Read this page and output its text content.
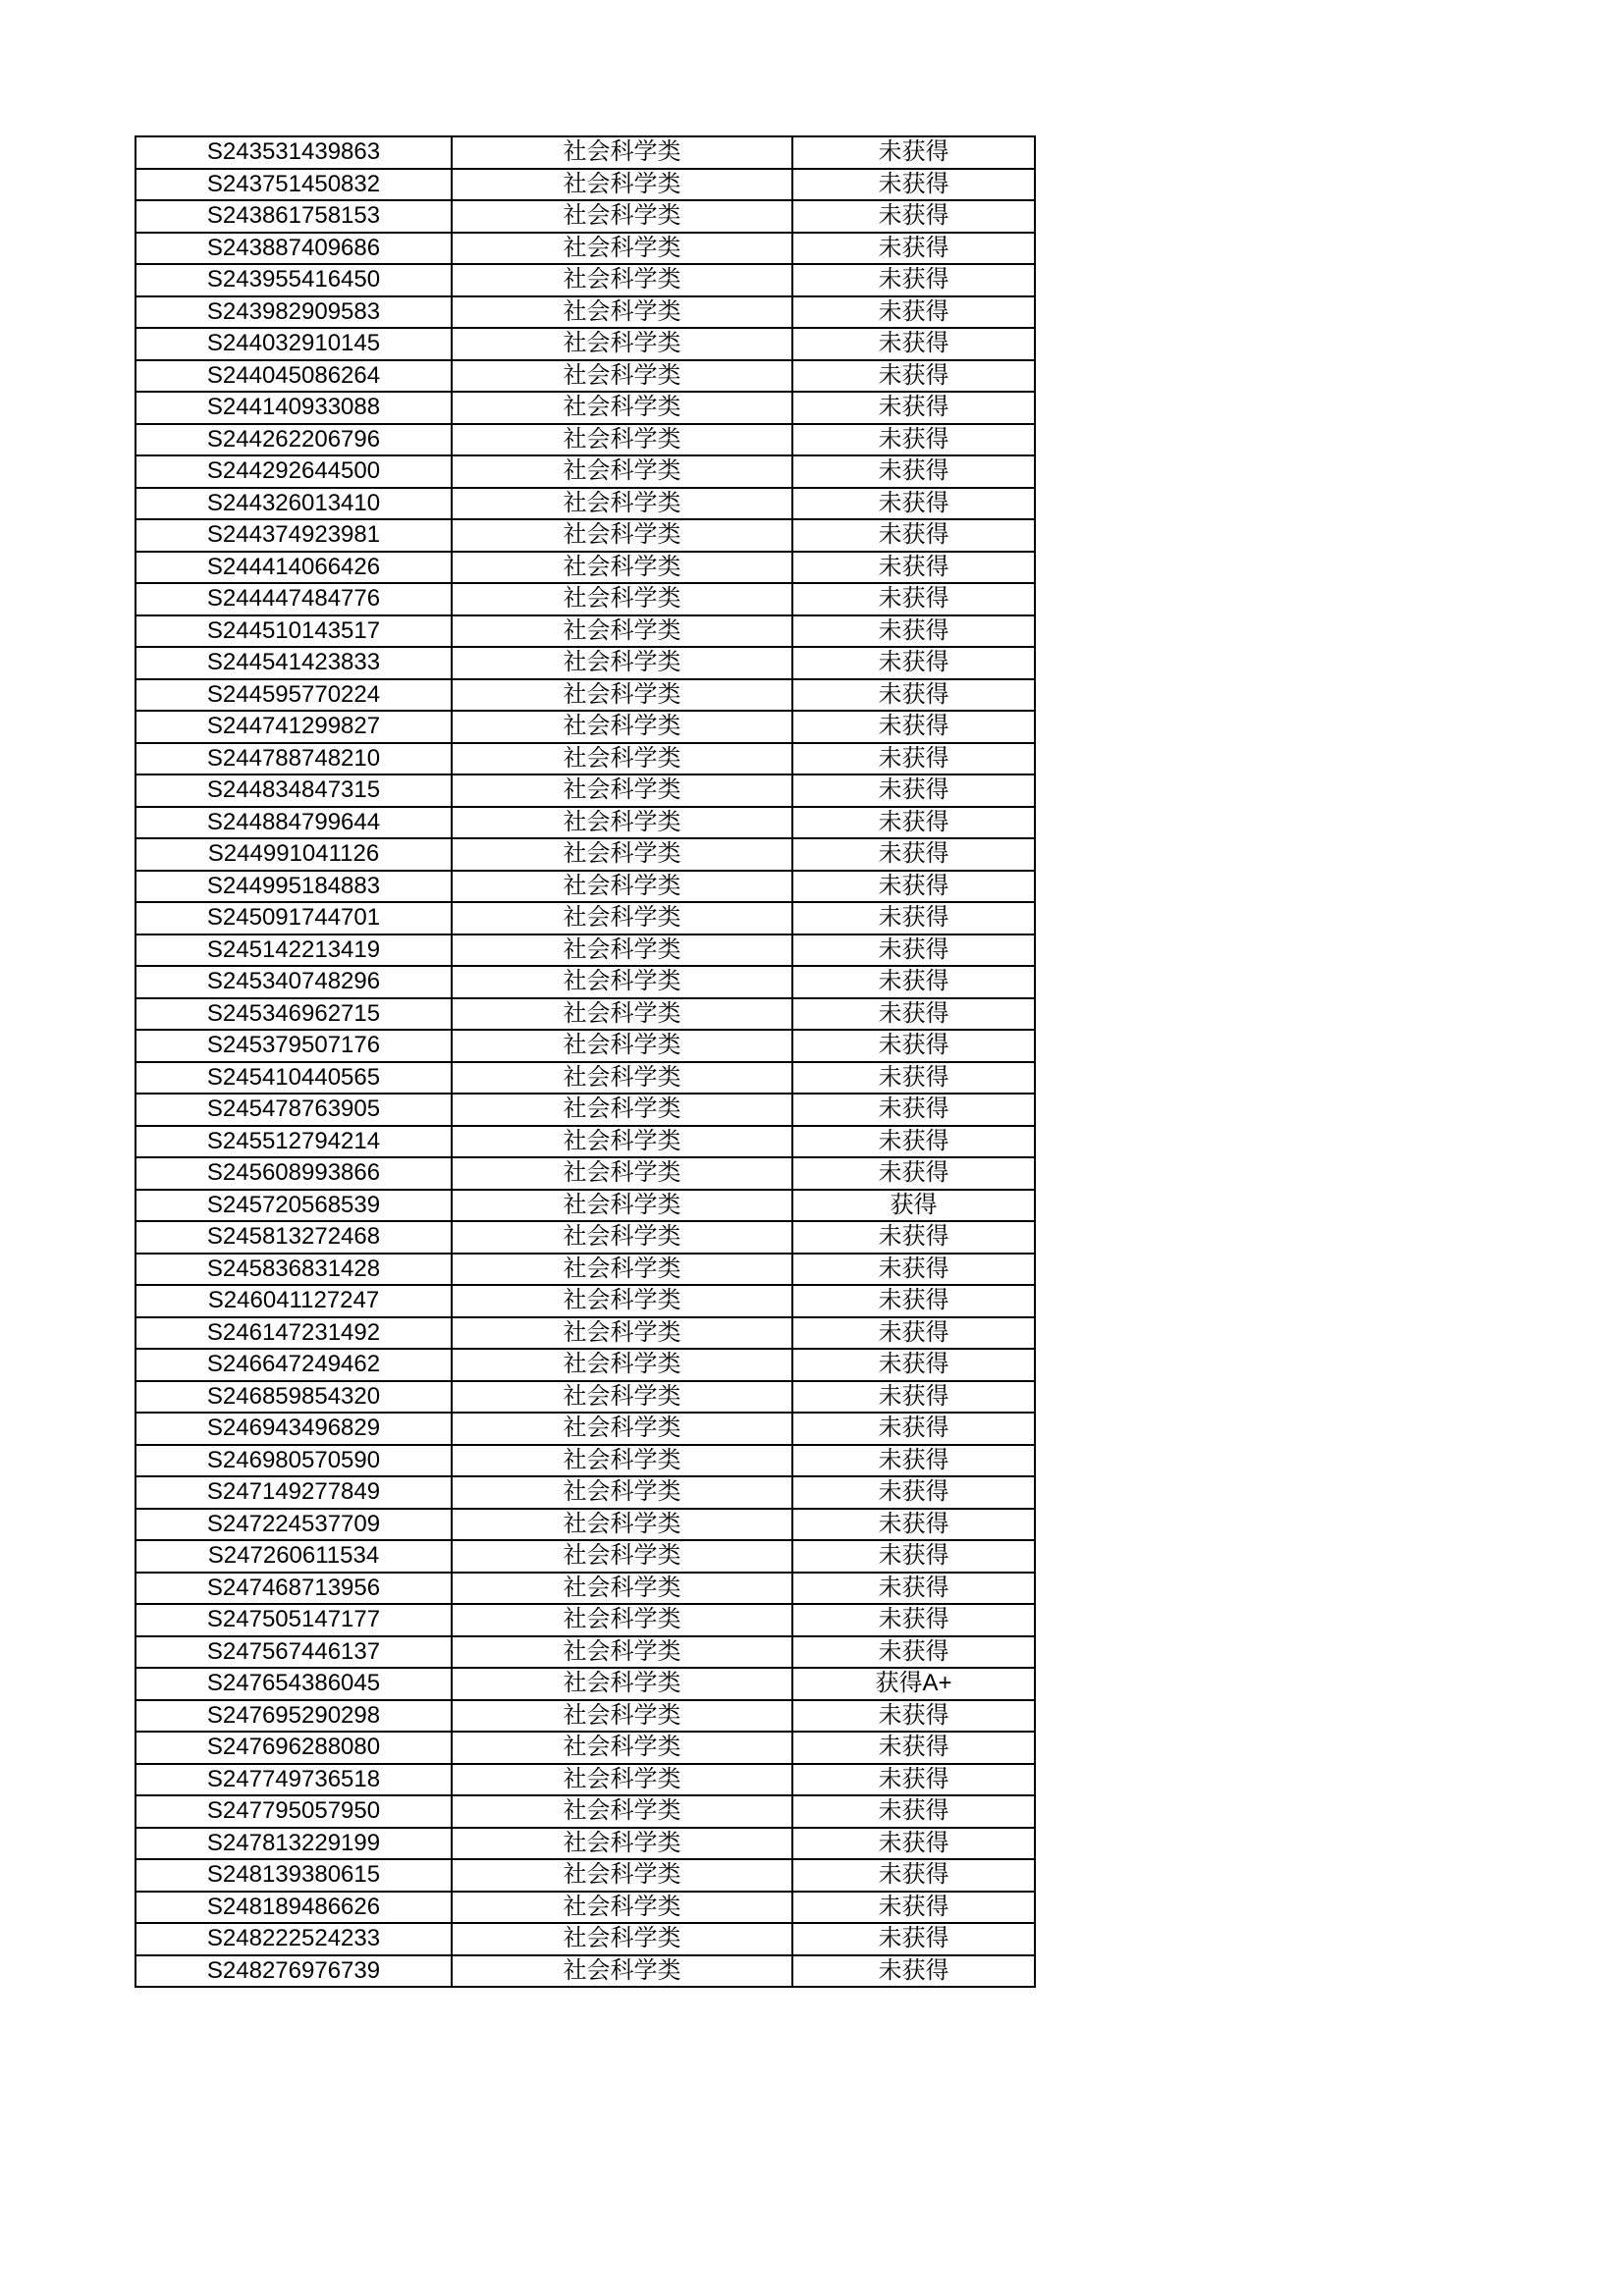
S243531439863	社会科学类	未获得
S243751450832	社会科学类	未获得
S243861758153	社会科学类	未获得
S243887409686	社会科学类	未获得
S243955416450	社会科学类	未获得
S243982909583	社会科学类	未获得
S244032910145	社会科学类	未获得
S244045086264	社会科学类	未获得
S244140933088	社会科学类	未获得
S244262206796	社会科学类	未获得
S244292644500	社会科学类	未获得
S244326013410	社会科学类	未获得
S244374923981	社会科学类	未获得
S244414066426	社会科学类	未获得
S244447484776	社会科学类	未获得
S244510143517	社会科学类	未获得
S244541423833	社会科学类	未获得
S244595770224	社会科学类	未获得
S244741299827	社会科学类	未获得
S244788748210	社会科学类	未获得
S244834847315	社会科学类	未获得
S244884799644	社会科学类	未获得
S244991041126	社会科学类	未获得
S244995184883	社会科学类	未获得
S245091744701	社会科学类	未获得
S245142213419	社会科学类	未获得
S245340748296	社会科学类	未获得
S245346962715	社会科学类	未获得
S245379507176	社会科学类	未获得
S245410440565	社会科学类	未获得
S245478763905	社会科学类	未获得
S245512794214	社会科学类	未获得
S245608993866	社会科学类	未获得
S245720568539	社会科学类	获得
S245813272468	社会科学类	未获得
S245836831428	社会科学类	未获得
S246041127247	社会科学类	未获得
S246147231492	社会科学类	未获得
S246647249462	社会科学类	未获得
S246859854320	社会科学类	未获得
S246943496829	社会科学类	未获得
S246980570590	社会科学类	未获得
S247149277849	社会科学类	未获得
S247224537709	社会科学类	未获得
S247260611534	社会科学类	未获得
S247468713956	社会科学类	未获得
S247505147177	社会科学类	未获得
S247567446137	社会科学类	未获得
S247654386045	社会科学类	获得A+
S247695290298	社会科学类	未获得
S247696288080	社会科学类	未获得
S247749736518	社会科学类	未获得
S247795057950	社会科学类	未获得
S247813229199	社会科学类	未获得
S248139380615	社会科学类	未获得
S248189486626	社会科学类	未获得
S248222524233	社会科学类	未获得
S248276976739	社会科学类	未获得
